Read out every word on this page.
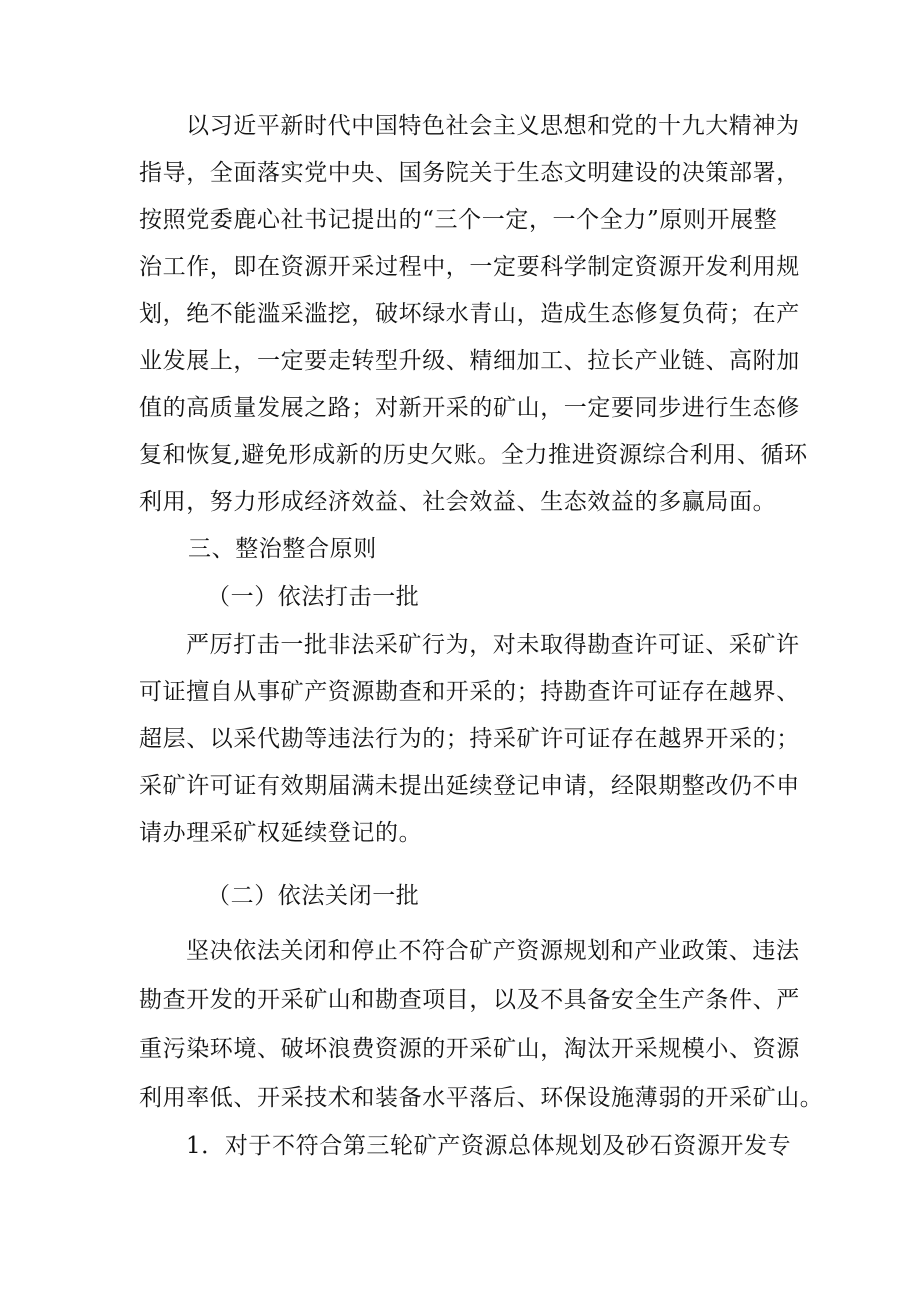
以习近平新时代中国特色社会主义思想和党的十九大精神为
指导，全面落实党中央、国务院关于生态文明建设的决策部署，
按照党委鹿心社书记提出的“三个一定，一个全力”原则开展整
治工作，即在资源开采过程中，一定要科学制定资源开发利用规
划，绝不能滥采滥挖，破坏绿水青山，造成生态修复负荷；在产
业发展上，一定要走转型升级、精细加工、拉长产业链、高附加
值的高质量发展之路；对新开采的矿山，一定要同步进行生态修
复和恢复,避免形成新的历史欠账。全力推进资源综合利用、循环
利用，努力形成经济效益、社会效益、生态效益的多赢局面。
三、整治整合原则
（一）依法打击一批
严厉打击一批非法采矿行为，对未取得勘查许可证、采矿许
可证擅自从事矿产资源勘查和开采的；持勘查许可证存在越界、
超层、以采代勘等违法行为的；持采矿许可证存在越界开采的；
采矿许可证有效期届满未提出延续登记申请，经限期整改仍不申
请办理采矿权延续登记的。
（二）依法关闭一批
坚决依法关闭和停止不符合矿产资源规划和产业政策、违法
勘查开发的开采矿山和勘查项目，以及不具备安全生产条件、严
重污染环境、破坏浪费资源的开采矿山，淘汰开采规模小、资源
利用率低、开采技术和装备水平落后、环保设施薄弱的开采矿山。
1．对于不符合第三轮矿产资源总体规划及砂石资源开发专
